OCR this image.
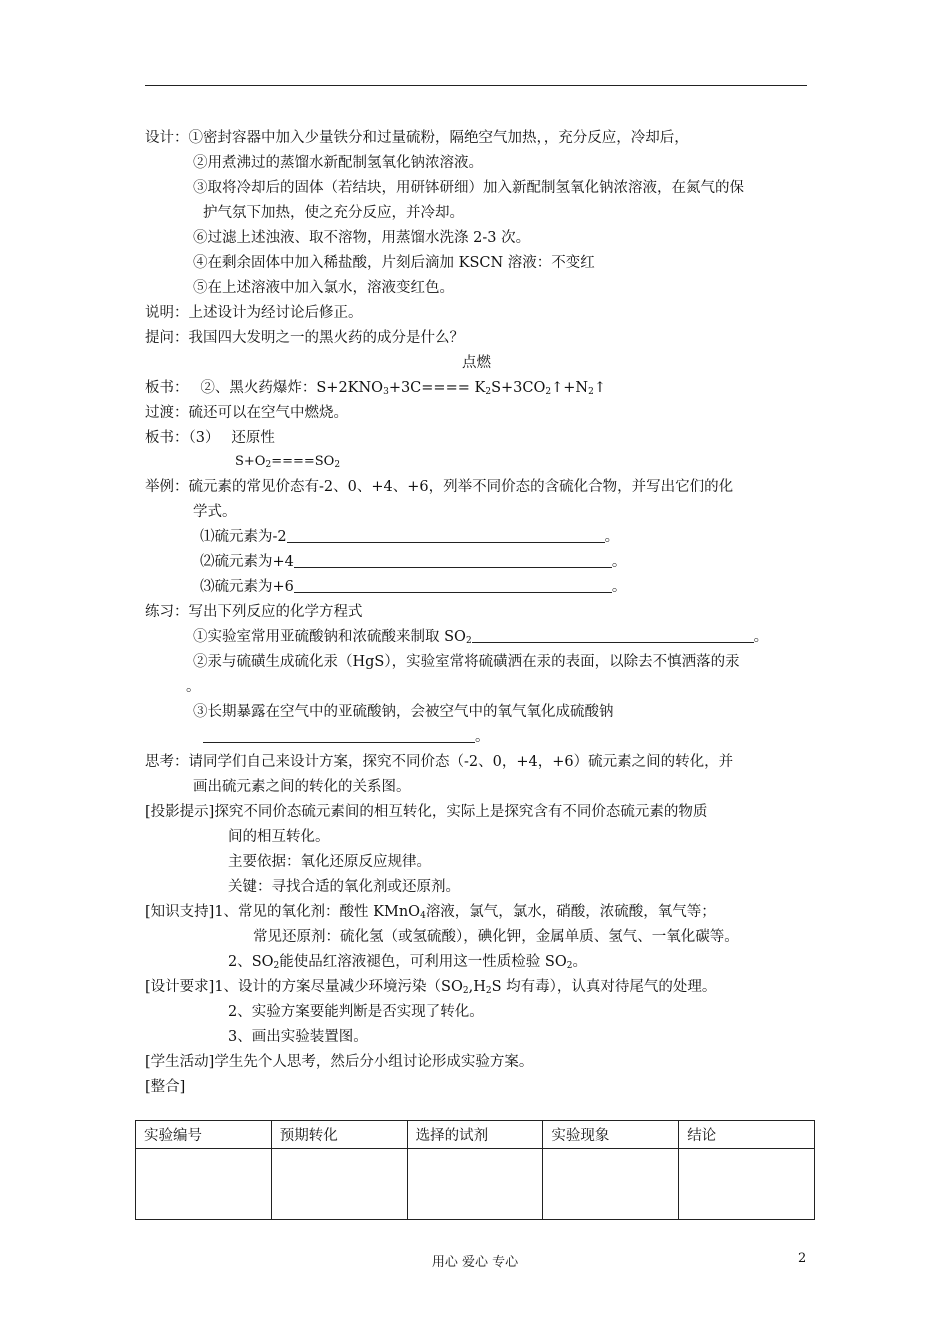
设计：①密封容器中加入少量铁分和过量硫粉，隔绝空气加热，，充分反应，冷却后，
②用煮沸过的蒸馏水新配制氢氧化钠浓溶液。
③取将冷却后的固体（若结块，用研钵研细）加入新配制氢氧化钠浓溶液，在氮气的保
护气氛下加热，使之充分反应，并冷却。
⑥过滤上述浊液、取不溶物，用蒸馏水洗涤 2-3 次。
④在剩余固体中加入稀盐酸，片刻后滴加 KSCN 溶液：不变红
⑤在上述溶液中加入氯水，溶液变红色。
说明：上述设计为经讨论后修正。
提问：我国四大发明之一的黑火药的成分是什么？
点燃
板书：　 ②、黑火药爆炸：$S+2KNO_3+3C====$ $K_2S+3CO_2↑+N_2↑$
过渡：硫还可以在空气中燃烧。
板书：（3）　 还原性
$S+O_2====SO_2$
举例：硫元素的常见价态有-2、0、+4、+6，列举不同价态的含硫化合物，并写出它们的化
学式。
⑴硫元素为-2	。
⑵硫元素为+4	。
⑶硫元素为+6	。
练习：写出下列反应的化学方程式
①实验室常用亚硫酸钠和浓硫酸来制取 $SO_2$	。
②汞与硫磺生成硫化汞（HgS），实验室常将硫磺洒在汞的表面，以除去不慎洒落的汞
。
③长期暴露在空气中的亚硫酸钠，会被空气中的氧气氧化成硫酸钠
。
思考：请同学们自己来设计方案，探究不同价态（-2、0，+4，+6）硫元素之间的转化，并
画出硫元素之间的转化的关系图。
[投影提示]探究不同价态硫元素间的相互转化，实际上是探究含有不同价态硫元素的物质
间的相互转化。
主要依据：氧化还原反应规律。
关键：寻找合适的氧化剂或还原剂。
[知识支持]1、常见的氧化剂：酸性 KMnO$_4$溶液，氯气，氯水，硝酸，浓硫酸，氧气等；
常见还原剂：硫化氢（或氢硫酸），碘化钾，金属单质、氢气、一氧化碳等。
2、$SO_2$能使品红溶液褪色，可利用这一性质检验 $SO_2$。
[设计要求]1、设计的方案尽量减少环境污染（$SO_2,H_2S$ 均有毒），认真对待尾气的处理。
2、实验方案要能判断是否实现了转化。
3、画出实验装置图。
[学生活动]学生先个人思考，然后分小组讨论形成实验方案。
[整合]
实验编号	预期转化	选择的试剂	实验现象	结论

用心 爱心 专心	2
